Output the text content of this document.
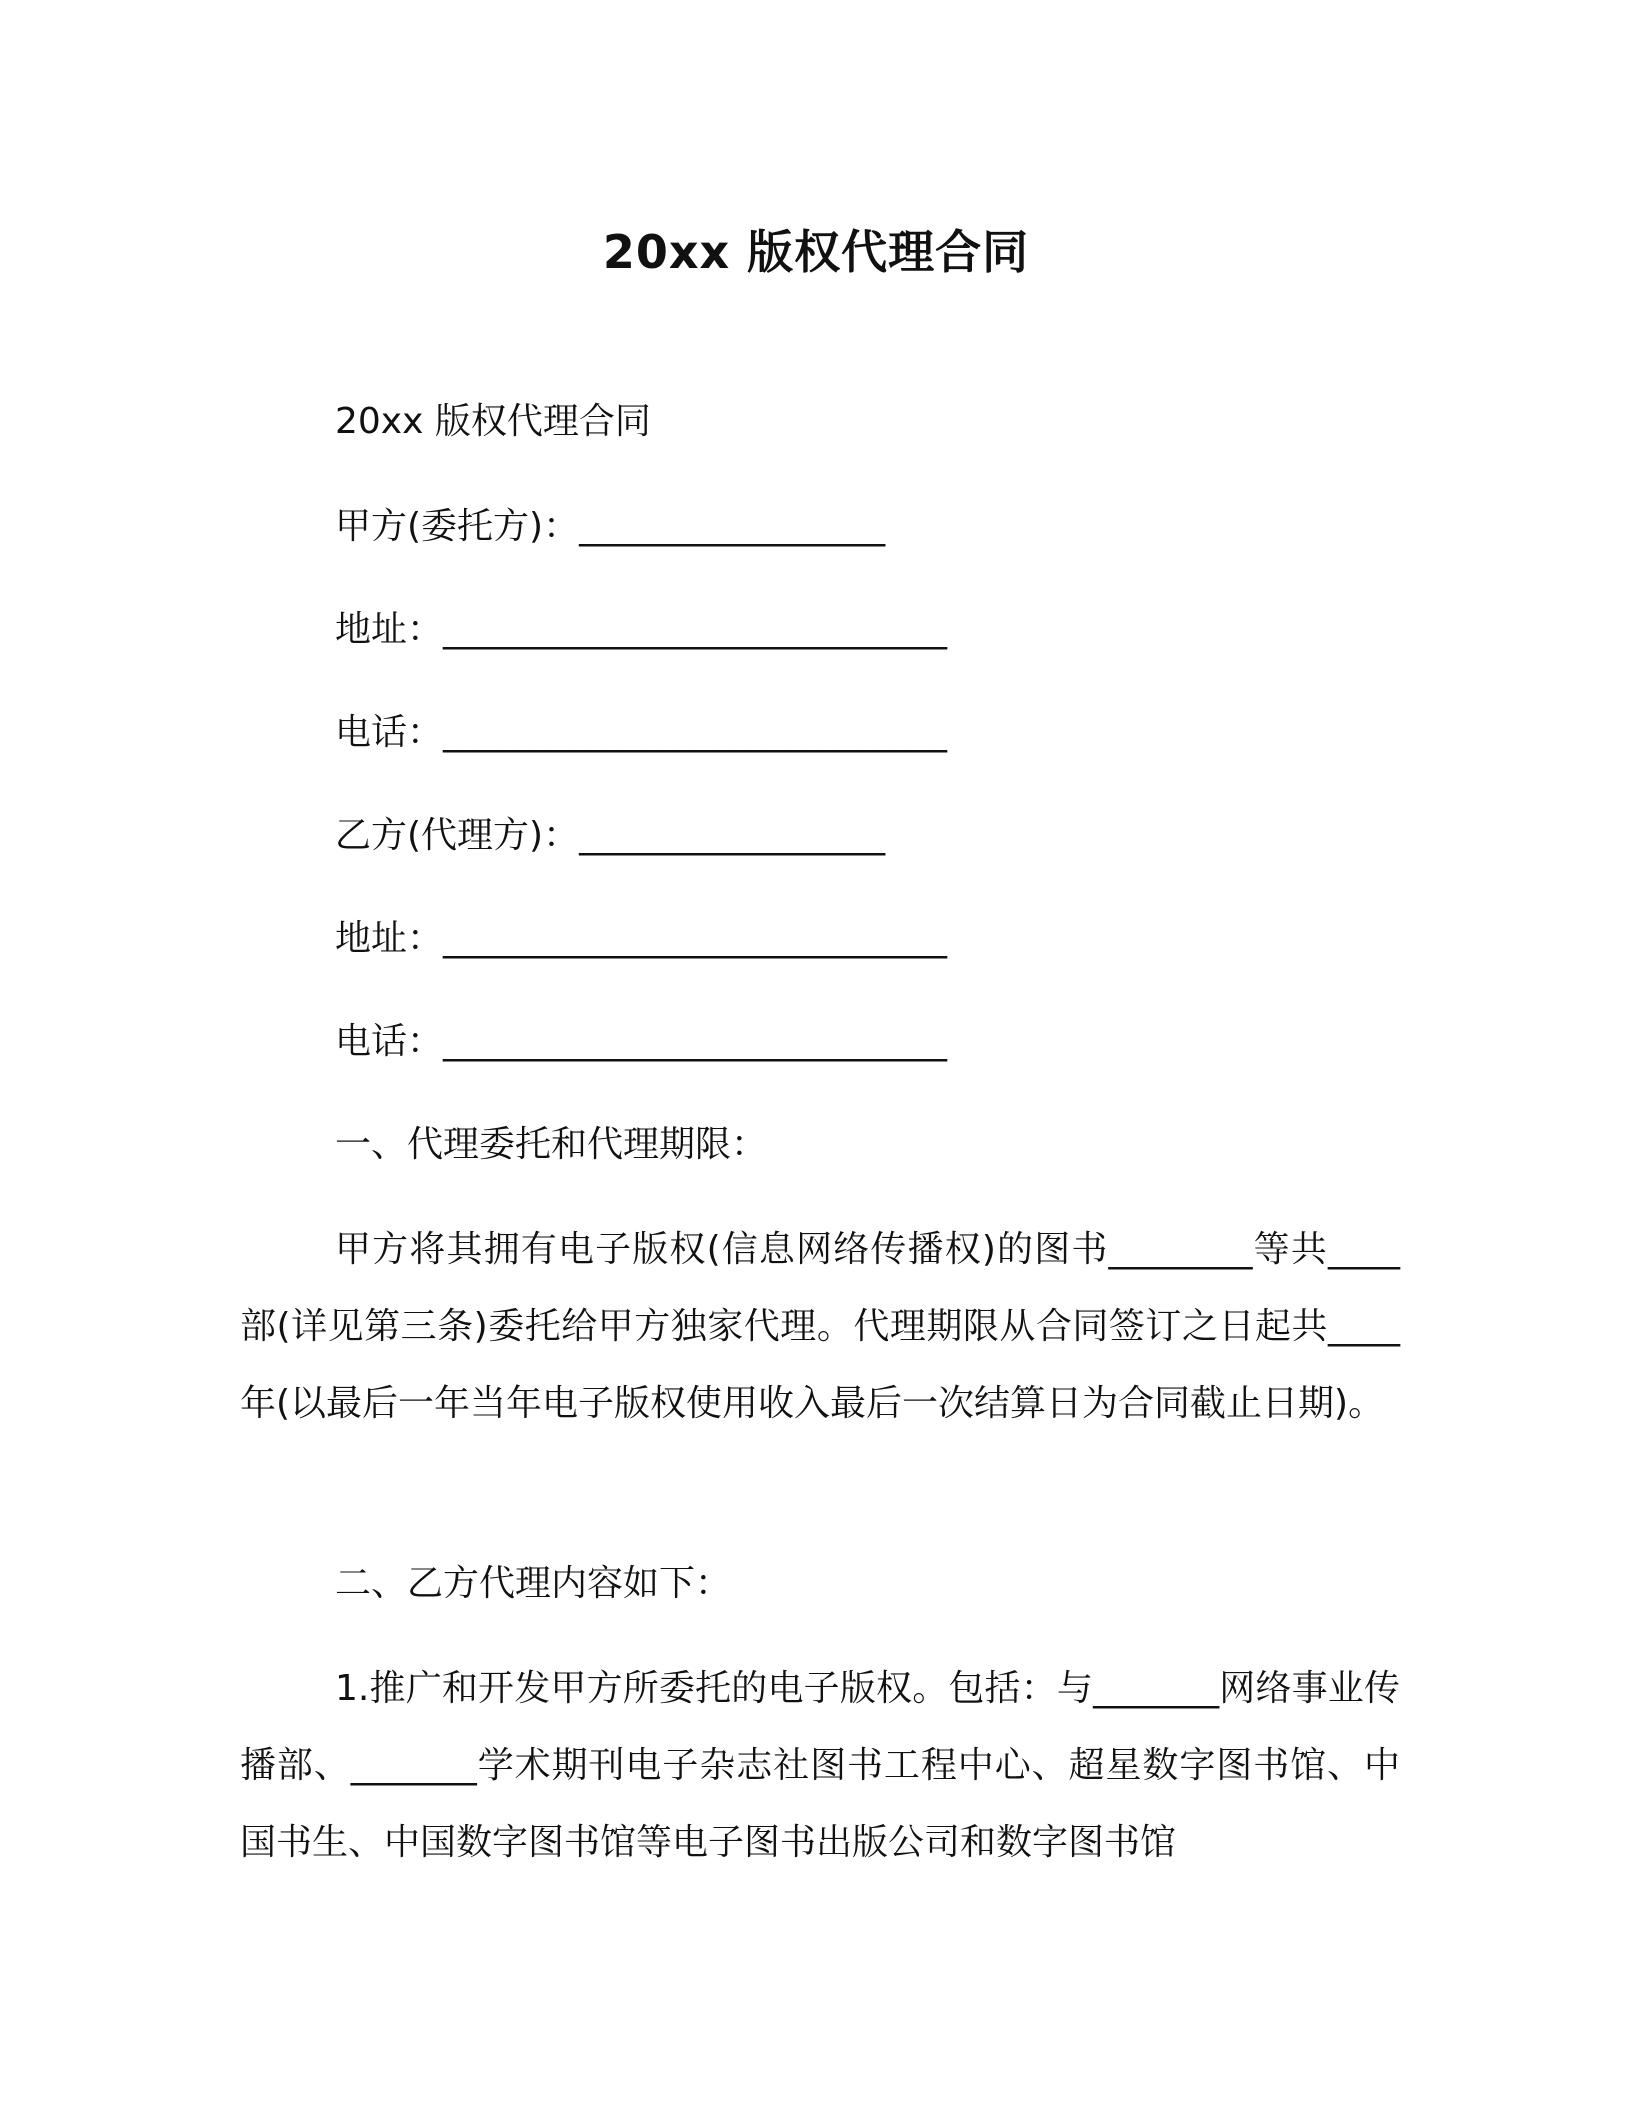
20xx 版权代理合同
20xx 版权代理合同
甲方(委托方)：_________________
地址：____________________________
电话：____________________________
乙方(代理方)：_________________
地址：____________________________
电话：____________________________
一、代理委托和代理期限：
甲方将其拥有电子版权(信息网络传播权)的图书________等共____部(详见第三条)委托给甲方独家代理。代理期限从合同签订之日起共____年(以最后一年当年电子版权使用收入最后一次结算日为合同截止日期)。
二、乙方代理内容如下：
1.推广和开发甲方所委托的电子版权。包括：与_______网络事业传播部、_______学术期刊电子杂志社图书工程中心、超星数字图书馆、中国书生、中国数字图书馆等电子图书出版公司和数字图书馆
